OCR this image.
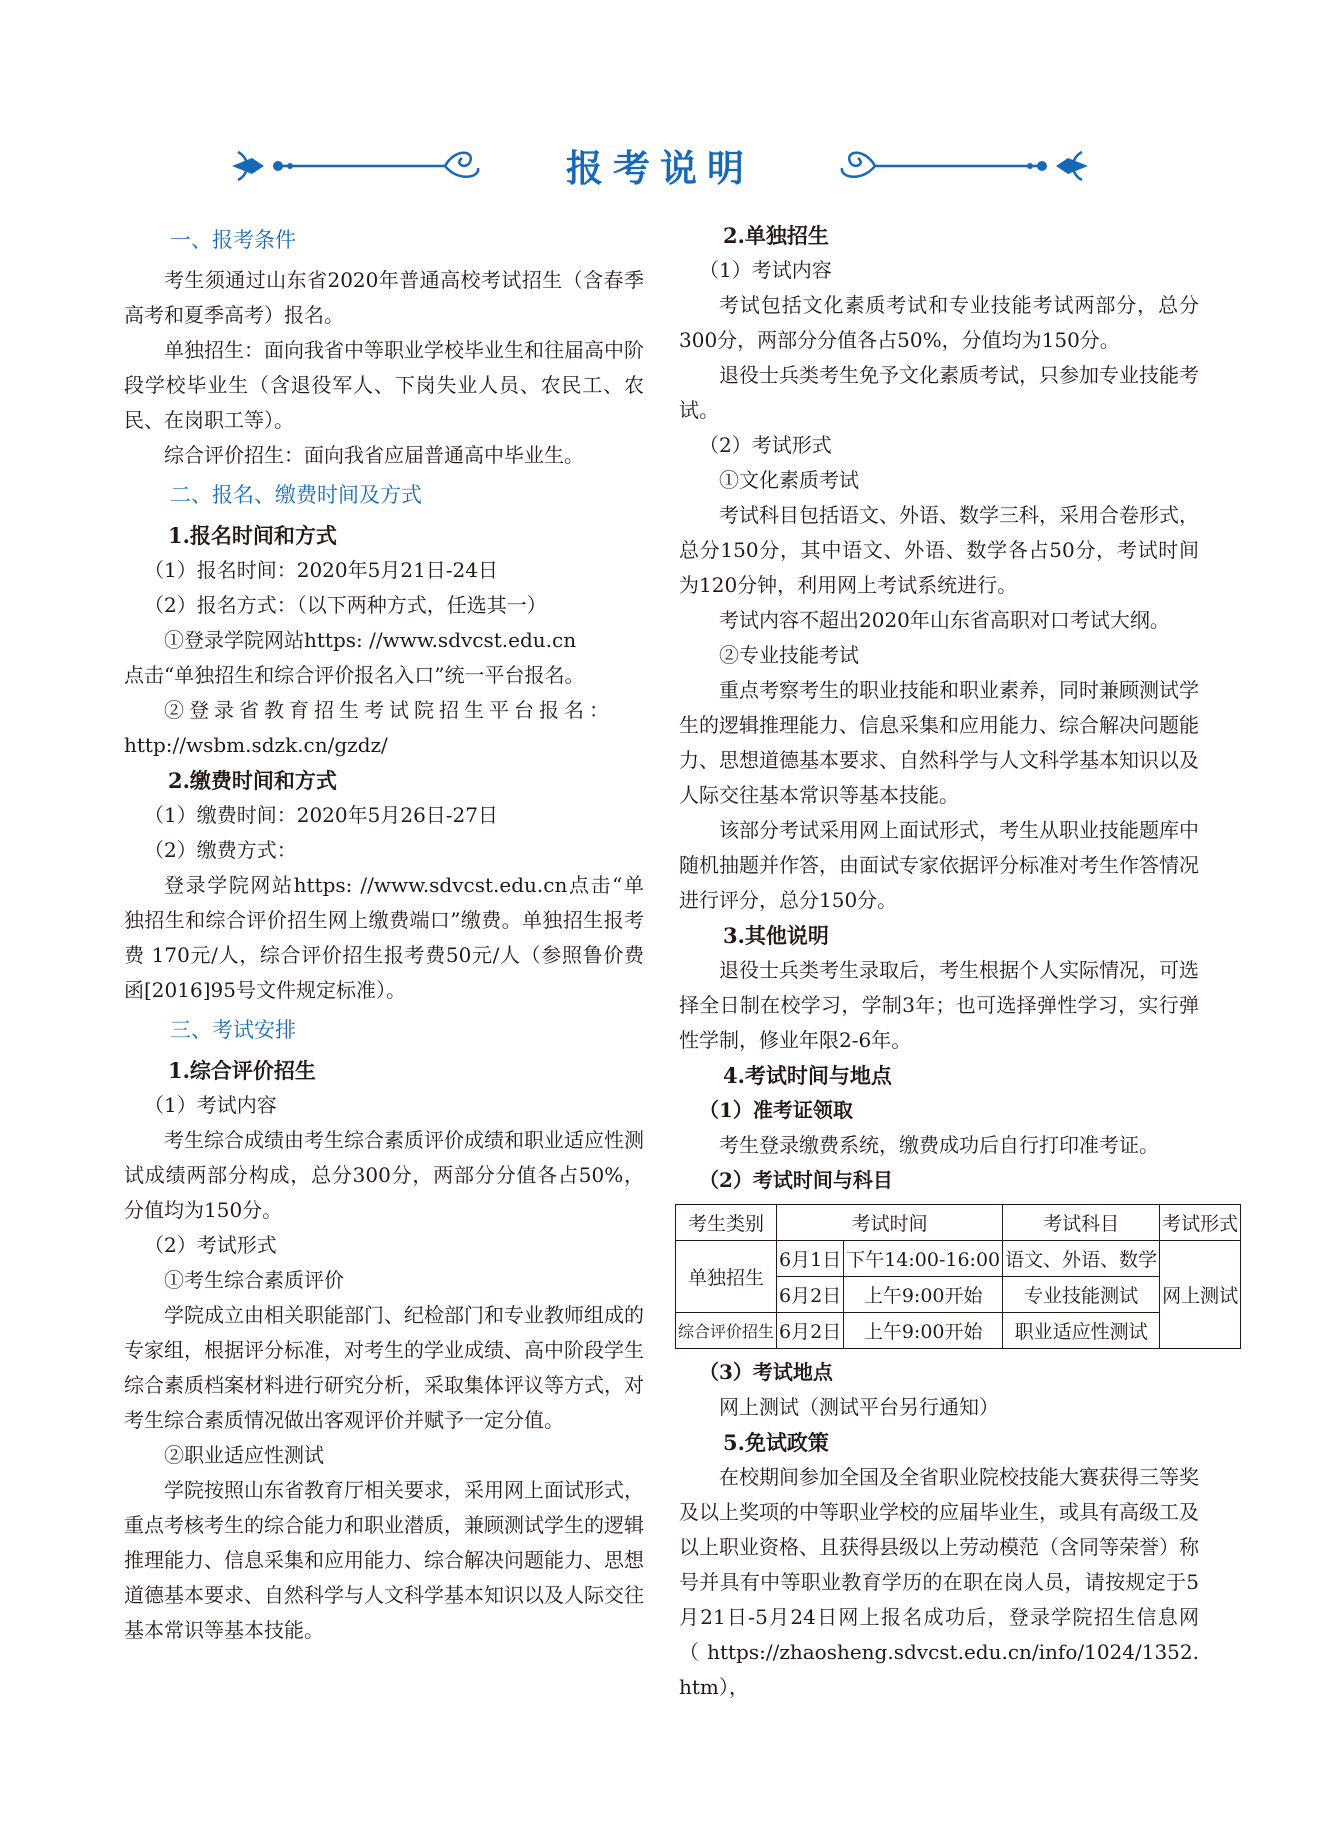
报考说明
一、报考条件

考生须通过山东省2020年普通高校考试招生（含春季高考和夏季高考）报名。

单独招生：面向我省中等职业学校毕业生和往届高中阶段学校毕业生（含退役军人、下岗失业人员、农民工、农民、在岗职工等）。

综合评价招生：面向我省应届普通高中毕业生。

二、报名、缴费时间及方式
1.报名时间和方式
（1）报名时间：2020年5月21日-24日
（2）报名方式：（以下两种方式，任选其一）

①登录学院网站https: //www.sdvcst.edu.cn

点击“单独招生和综合评价报名入口”统一平台报名。

②登录省教育招生考试院招生平台报名：

http://wsbm.sdzk.cn/gzdz/

2.缴费时间和方式
（1）缴费时间：2020年5月26日-27日
（2）缴费方式：

登录学院网站https: //www.sdvcst.edu.cn点击“单独招生和综合评价招生网上缴费端口”缴费。单独招生报考费 170元/人，综合评价招生报考费50元/人（参照鲁价费函[2016]95号文件规定标准）。

三、考试安排
1.综合评价招生
（1）考试内容

考生综合成绩由考生综合素质评价成绩和职业适应性测试成绩两部分构成，总分300分，两部分分值各占50%，分值均为150分。

（2）考试形式

①考生综合素质评价

学院成立由相关职能部门、纪检部门和专业教师组成的专家组，根据评分标准，对考生的学业成绩、高中阶段学生综合素质档案材料进行研究分析，采取集体评议等方式，对考生综合素质情况做出客观评价并赋予一定分值。

②职业适应性测试

学院按照山东省教育厅相关要求，采用网上面试形式，重点考核考生的综合能力和职业潜质，兼顾测试学生的逻辑推理能力、信息采集和应用能力、综合解决问题能力、思想道德基本要求、自然科学与人文科学基本知识以及人际交往基本常识等基本技能。

2.单独招生
（1）考试内容

考试包括文化素质考试和专业技能考试两部分，总分300分，两部分分值各占50%，分值均为150分。

退役士兵类考生免予文化素质考试，只参加专业技能考试。

（2）考试形式

①文化素质考试

考试科目包括语文、外语、数学三科，采用合卷形式，总分150分，其中语文、外语、数学各占50分，考试时间为120分钟，利用网上考试系统进行。

考试内容不超出2020年山东省高职对口考试大纲。

②专业技能考试

重点考察考生的职业技能和职业素养，同时兼顾测试学生的逻辑推理能力、信息采集和应用能力、综合解决问题能力、思想道德基本要求、自然科学与人文科学基本知识以及人际交往基本常识等基本技能。

该部分考试采用网上面试形式，考生从职业技能题库中随机抽题并作答，由面试专家依据评分标准对考生作答情况进行评分，总分150分。

3.其他说明

退役士兵类考生录取后，考生根据个人实际情况，可选择全日制在校学习，学制3年；也可选择弹性学习，实行弹性学制，修业年限2-6年。

4.考试时间与地点
（1）准考证领取

考生登录缴费系统，缴费成功后自行打印准考证。

（2）考试时间与科目
考生类别	考试时间		考试科目	考试形式
单独招生	6月1日	下午14:00-16:00	语文、外语、数学	网上测试
	6月2日	上午9:00开始	专业技能测试	
综合评价招生	6月2日	上午9:00开始	职业适应性测试	
（3）考试地点

网上测试（测试平台另行通知）

5.免试政策

在校期间参加全国及全省职业院校技能大赛获得三等奖及以上奖项的中等职业学校的应届毕业生，或具有高级工及以上职业资格、且获得县级以上劳动模范（含同等荣誉）称号并具有中等职业教育学历的在职在岗人员，请按规定于5月21日-5月24日网上报名成功后，登录学院招生信息网（https://zhaosheng.sdvcst.edu.cn/info/1024/1352.htm），
